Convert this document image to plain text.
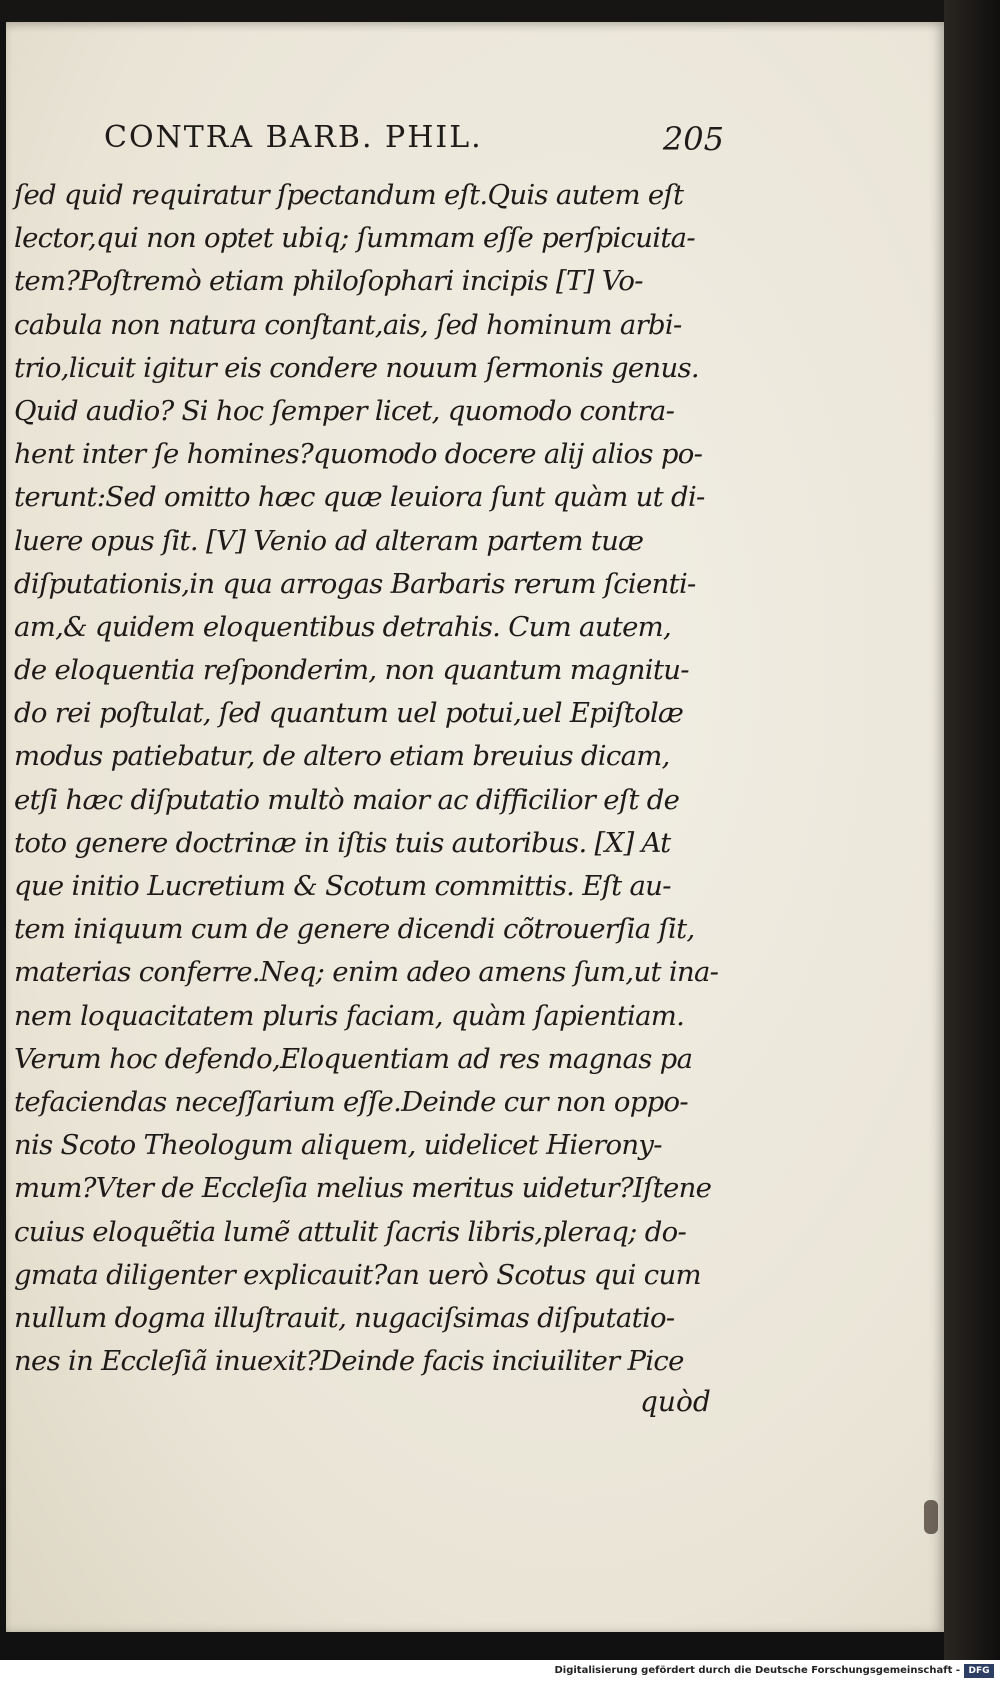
CONTRA BARB. PHIL.	205
ſed quid requiratur ſpectandum eſt.Quis autem eſt
lector,qui non optet ubiq; ſummam eſſe perſpicuita-
tem?Poſtremò etiam philoſophari incipis [T] Vo-
cabula non natura conſtant,ais, ſed hominum arbi-
trio,licuit igitur eis condere nouum ſermonis genus.
Quid audio? Si hoc ſemper licet, quomodo contra-
hent inter ſe homines?quomodo docere alij alios po-
terunt:Sed omitto hæc quæ leuiora ſunt quàm ut di-
luere opus ſit. [V] Venio ad alteram partem tuæ
diſputationis,in qua arrogas Barbaris rerum ſcienti-
am,& quidem eloquentibus detrahis. Cum autem,
de eloquentia reſponderim, non quantum magnitu-
do rei poſtulat, ſed quantum uel potui,uel Epiſtolæ
modus patiebatur, de altero etiam breuius dicam,
etſi hæc diſputatio multò maior ac difficilior eſt de
toto genere doctrinæ in iſtis tuis autoribus. [X] At
que initio Lucretium & Scotum committis. Eſt au-
tem iniquum cum de genere dicendi cõtrouerſia ſit,
materias conferre.Neq; enim adeo amens ſum,ut ina-
nem loquacitatem pluris faciam, quàm ſapientiam.
Verum hoc defendo,Eloquentiam ad res magnas pa
tefaciendas neceſſarium eſſe.Deinde cur non oppo-
nis Scoto Theologum aliquem, uidelicet Hierony-
mum?Vter de Eccleſia melius meritus uidetur?Iſtene
cuius eloquẽtia lumẽ attulit ſacris libris,pleraq; do-
gmata diligenter explicauit?an uerò Scotus qui cum
nullum dogma illuſtrauit, nugaciſsimas diſputatio-
nes in Eccleſiã inuexit?Deinde facis inciuiliter Pice
quòd
Digitalisierung gefördert durch die Deutsche Forschungsgemeinschaft - DFG
